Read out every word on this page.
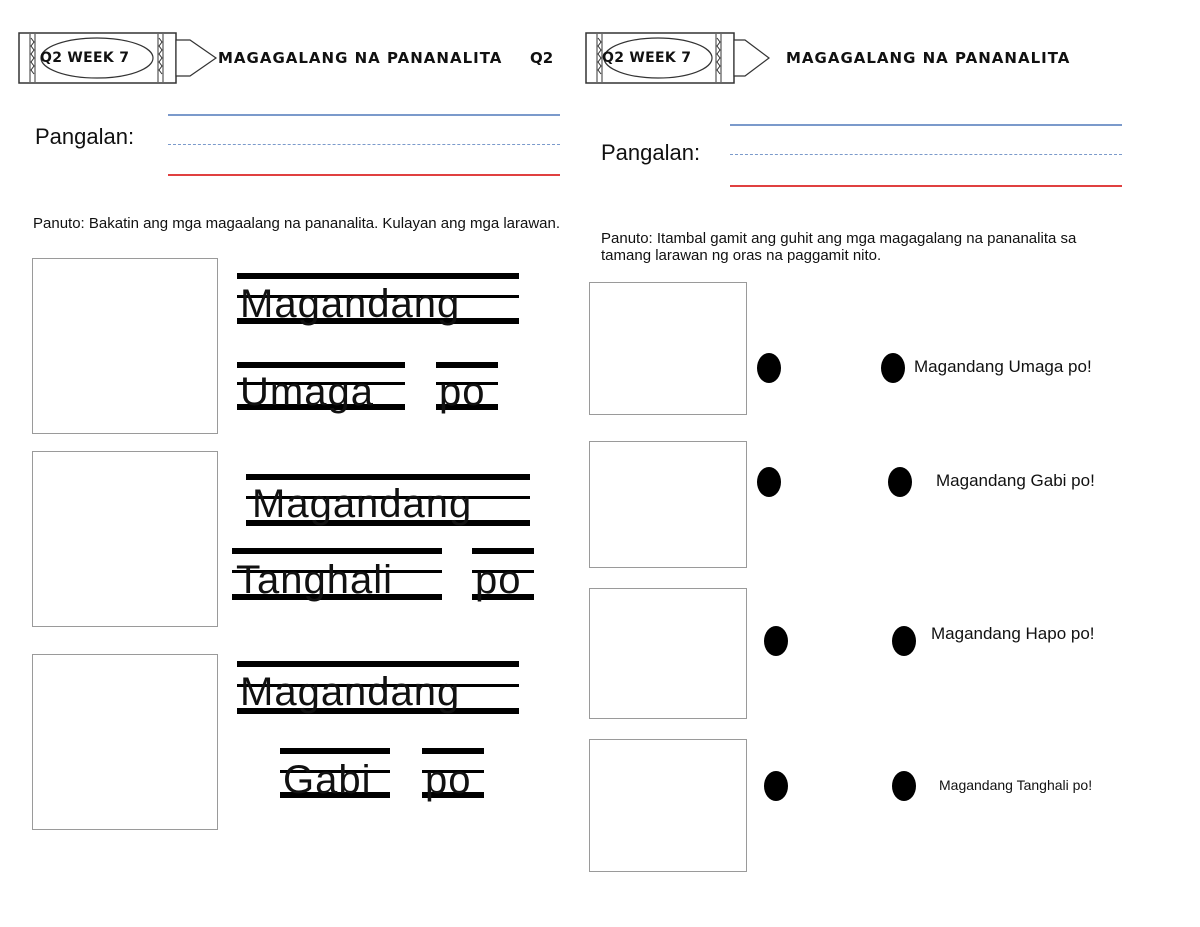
Q2 WEEK 7	MAGAGALANG NA PANANALITA Q2
Pangalan:
Panuto: Bakatin ang mga magaalang na pananalita. Kulayan ang mga larawan.
Magandang
Umaga po
Magandang
Tanghali po
Magandang
Gabi po
Q2 WEEK 7	MAGAGALANG NA PANANALITA
Pangalan:
Panuto: Itambal gamit ang guhit ang mga magagalang na pananalita sa tamang larawan ng oras na paggamit nito.
Magandang Umaga po!
Magandang Gabi po!
Magandang Hapo po!
Magandang Tanghali po!
